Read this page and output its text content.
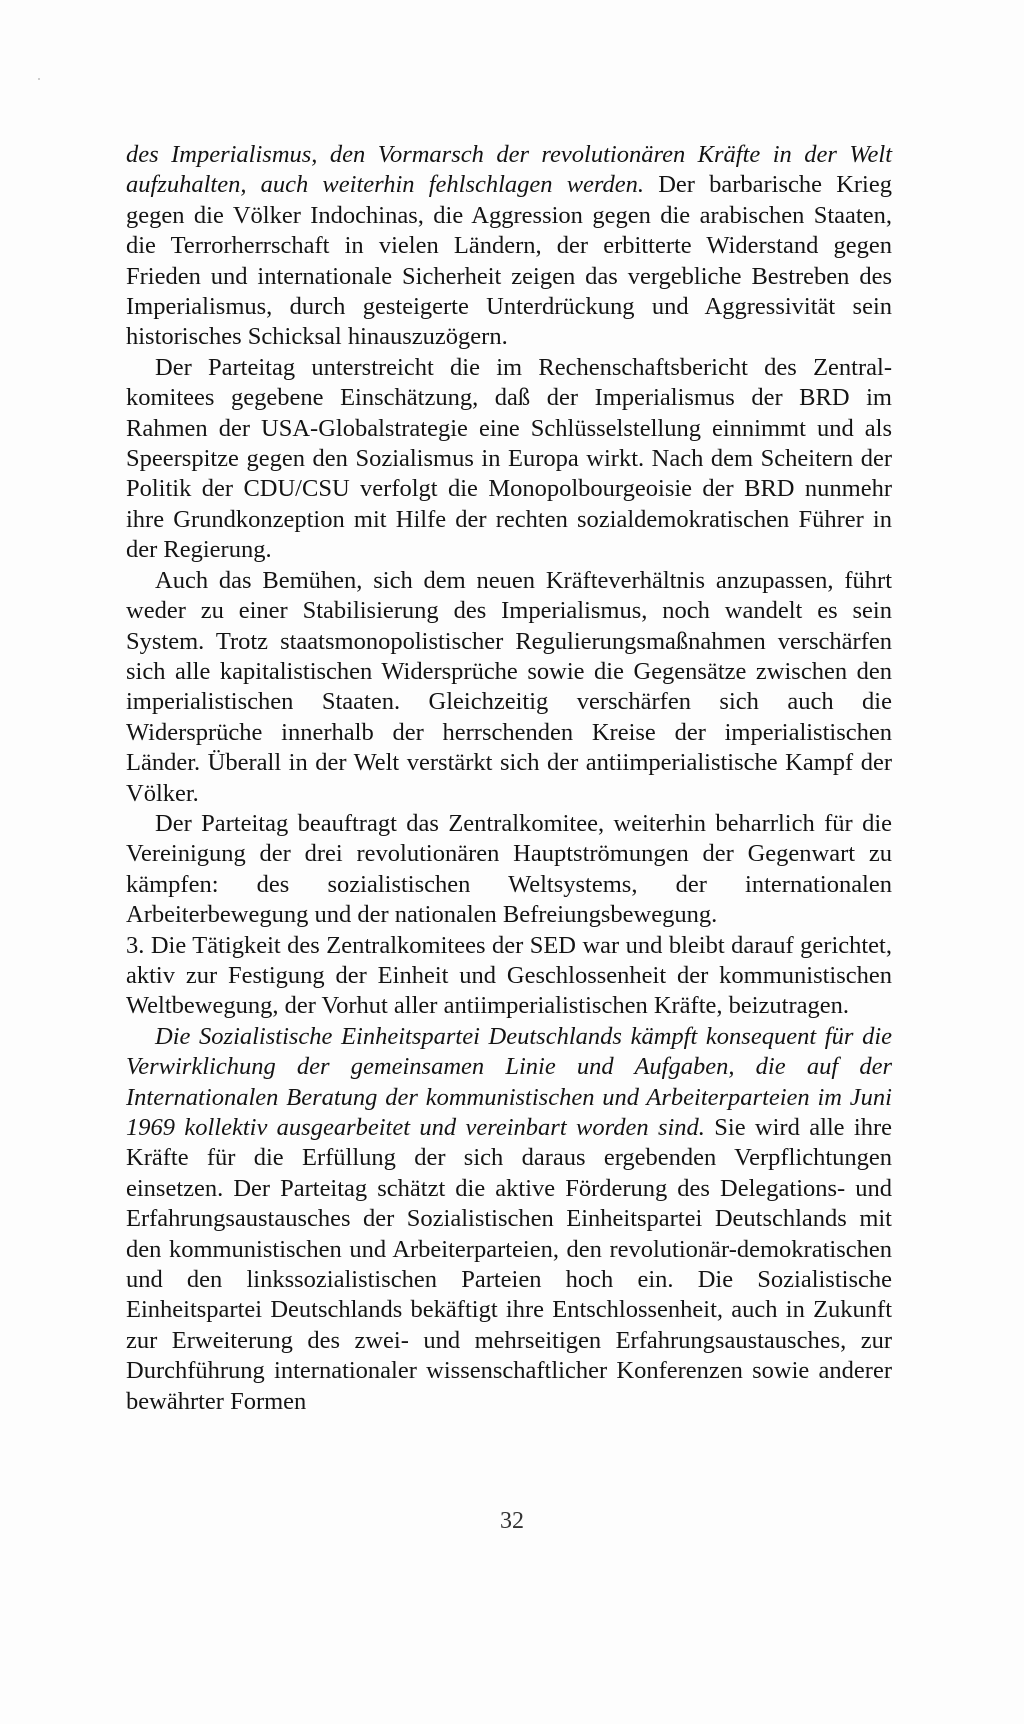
des Imperialismus, den Vormarsch der revolutionären Kräfte in der Welt aufzuhalten, auch weiterhin fehlschlagen werden. Der barbarische Krieg gegen die Völker Indochinas, die Aggression gegen die arabischen Staaten, die Terrorherrschaft in vielen Ländern, der erbitterte Widerstand gegen Frieden und internationale Sicherheit zeigen das vergebliche Bestreben des Imperialismus, durch gesteigerte Unterdrückung und Aggressivität sein historisches Schicksal hinauszuzögern.

Der Parteitag unterstreicht die im Rechenschaftsbericht des Zentralkomitees gegebene Einschätzung, daß der Imperialismus der BRD im Rahmen der USA-Globalstrategie eine Schlüsselstellung einnimmt und als Speerspitze gegen den Sozialismus in Europa wirkt. Nach dem Scheitern der Politik der CDU/CSU verfolgt die Monopolbourgeoisie der BRD nunmehr ihre Grundkonzeption mit Hilfe der rechten sozialdemokratischen Führer in der Regierung.

Auch das Bemühen, sich dem neuen Kräfteverhältnis anzupassen, führt weder zu einer Stabilisierung des Imperialismus, noch wandelt es sein System. Trotz staatsmonopolistischer Regulierungsmaßnahmen verschärfen sich alle kapitalistischen Widersprüche sowie die Gegensätze zwischen den imperialistischen Staaten. Gleichzeitig verschärfen sich auch die Widersprüche innerhalb der herrschenden Kreise der imperialistischen Länder. Überall in der Welt verstärkt sich der antiimperialistische Kampf der Völker.

Der Parteitag beauftragt das Zentralkomitee, weiterhin beharrlich für die Vereinigung der drei revolutionären Hauptströmungen der Gegenwart zu kämpfen: des sozialistischen Weltsystems, der internationalen Arbeiterbewegung und der nationalen Befreiungsbewegung.

3. Die Tätigkeit des Zentralkomitees der SED war und bleibt darauf gerichtet, aktiv zur Festigung der Einheit und Geschlossenheit der kommunistischen Weltbewegung, der Vorhut aller antiimperialistischen Kräfte, beizutragen.

Die Sozialistische Einheitspartei Deutschlands kämpft konsequent für die Verwirklichung der gemeinsamen Linie und Aufgaben, die auf der Internationalen Beratung der kommunistischen und Arbeiterparteien im Juni 1969 kollektiv ausgearbeitet und vereinbart worden sind. Sie wird alle ihre Kräfte für die Erfüllung der sich daraus ergebenden Verpflichtungen einsetzen. Der Parteitag schätzt die aktive Förderung des Delegations- und Erfahrungsaustausches der Sozialistischen Einheitspartei Deutschlands mit den kommunistischen und Arbeiterparteien, den revolutionär-demokratischen und den linkssozialistischen Parteien hoch ein. Die Sozialistische Einheitspartei Deutschlands bekäftigt ihre Entschlossenheit, auch in Zukunft zur Erweiterung des zwei- und mehrseitigen Erfahrungsaustausches, zur Durchführung internationaler wissenschaftlicher Konferenzen sowie anderer bewährter Formen

32
